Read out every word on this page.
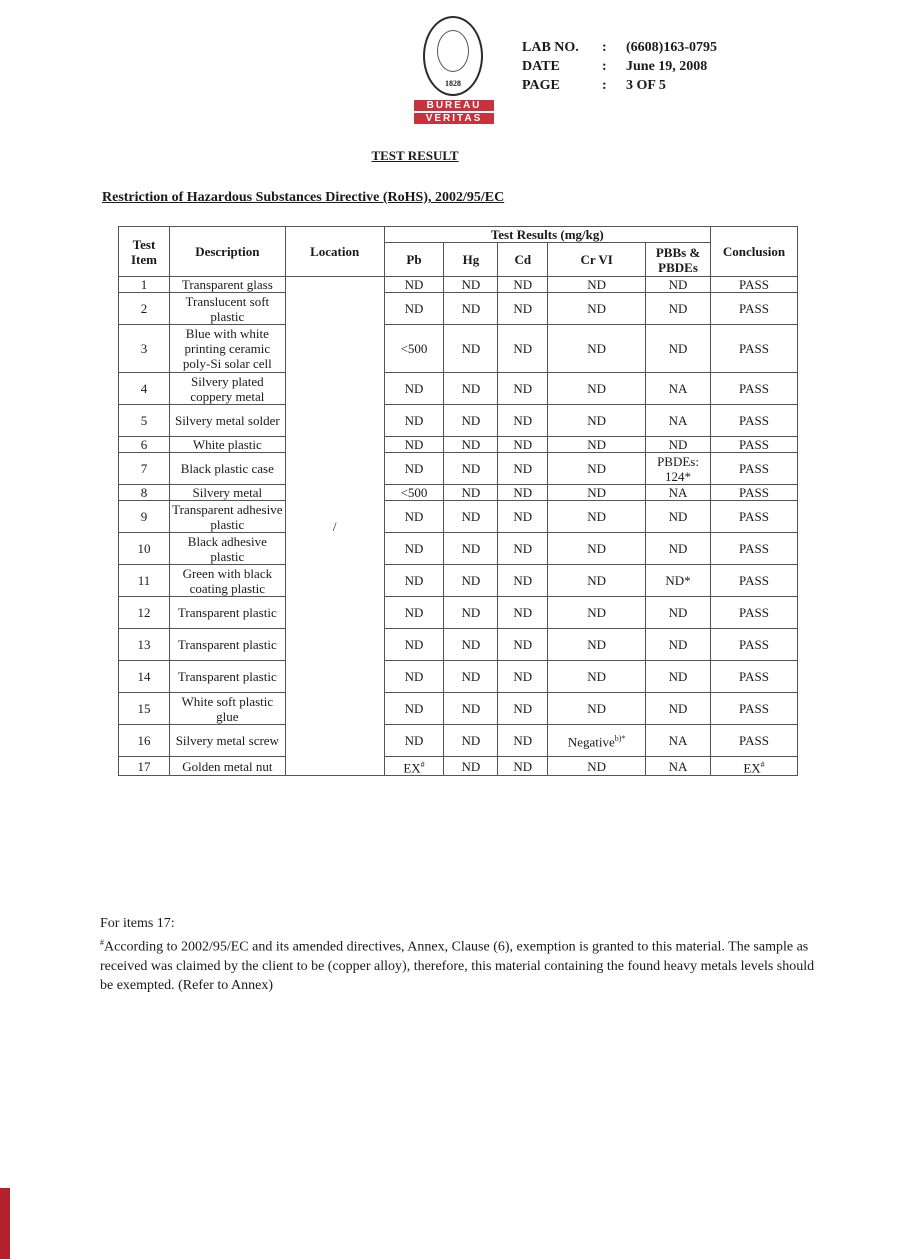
1828
BUREAU
VERITAS
LAB NO.	:	(6608)163-0795
DATE	:	June 19, 2008
PAGE	:	3 OF 5
TEST RESULT
Restriction of Hazardous Substances Directive (RoHS), 2002/95/EC
Test Item	Description	Location	Test Results (mg/kg)					Conclusion
			Pb	Hg	Cd	Cr VI	PBBs & PBDEs	
1	Transparent glass	/	ND	ND	ND	ND	ND	PASS
2	Translucent soft plastic		ND	ND	ND	ND	ND	PASS
3	Blue with white printing ceramic poly-Si solar cell		<500	ND	ND	ND	ND	PASS
4	Silvery plated coppery metal		ND	ND	ND	ND	NA	PASS
5	Silvery metal solder		ND	ND	ND	ND	NA	PASS
6	White plastic		ND	ND	ND	ND	ND	PASS
7	Black plastic case		ND	ND	ND	ND	PBDEs: 124*	PASS
8	Silvery metal		<500	ND	ND	ND	NA	PASS
9	Transparent adhesive plastic		ND	ND	ND	ND	ND	PASS
10	Black adhesive plastic		ND	ND	ND	ND	ND	PASS
11	Green with black coating plastic		ND	ND	ND	ND	ND*	PASS
12	Transparent plastic		ND	ND	ND	ND	ND	PASS
13	Transparent plastic		ND	ND	ND	ND	ND	PASS
14	Transparent plastic		ND	ND	ND	ND	ND	PASS
15	White soft plastic glue		ND	ND	ND	ND	ND	PASS
16	Silvery metal screw		ND	ND	ND	Negative$^{b)*}$	NA	PASS
17	Golden metal nut		EX#	ND	ND	ND	NA	EX#

For items 17:

#According to 2002/95/EC and its amended directives, Annex, Clause (6), exemption is granted to this material. The sample as received was claimed by the client to be (copper alloy), therefore, this material containing the found heavy metals levels should be exempted. (Refer to Annex)
